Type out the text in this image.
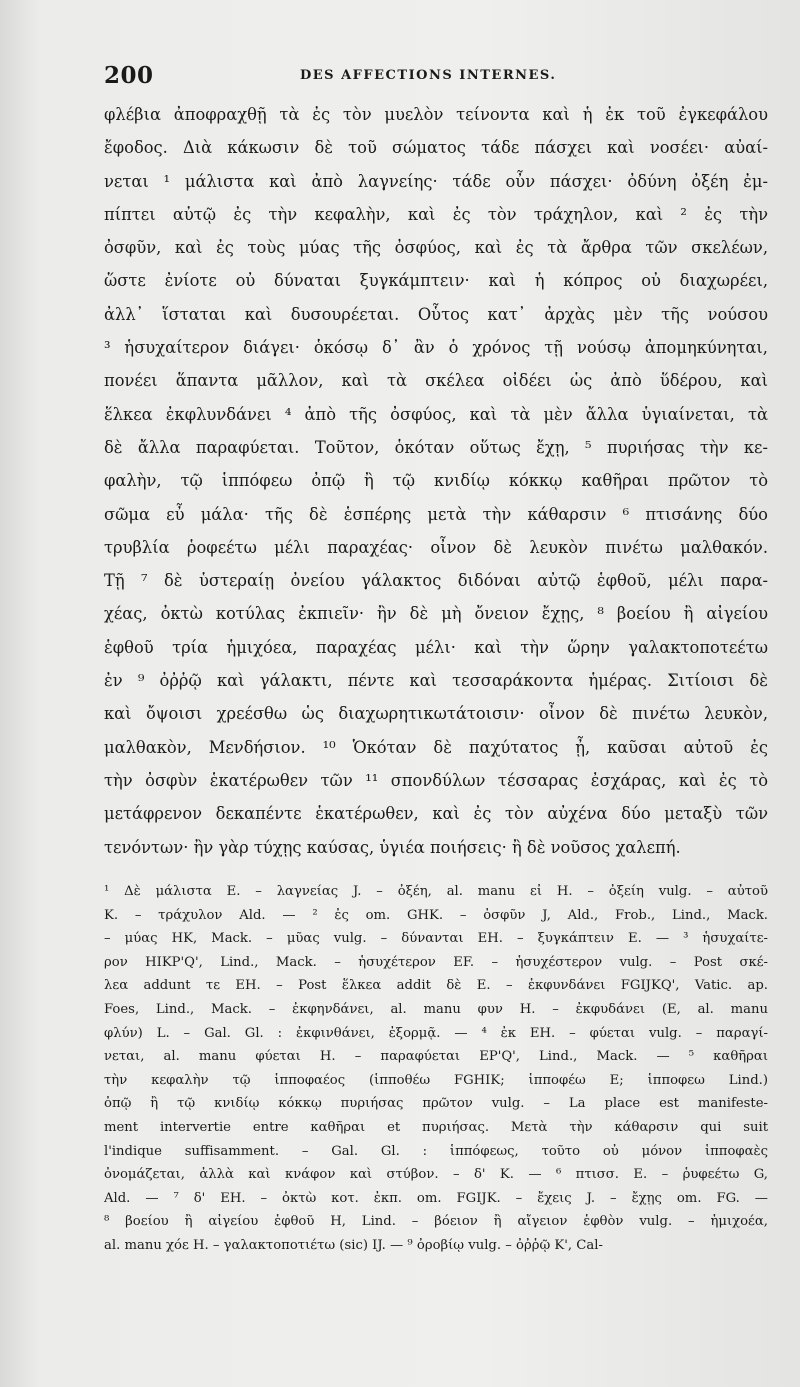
200	DES AFFECTIONS INTERNES.
φλέβια ἀποφραχθῇ τὰ ἐς τὸν μυελὸν τείνοντα καὶ ἡ ἐκ τοῦ ἐγκεφάλου
ἔφοδος. Διὰ κάκωσιν δὲ τοῦ σώματος τάδε πάσχει καὶ νοσέει· αὐαί-
νεται ¹ μάλιστα καὶ ἀπὸ λαγνείης· τάδε οὖν πάσχει· ὀδύνη ὀξέη ἐμ-
πίπτει αὐτῷ ἐς τὴν κεφαλὴν, καὶ ἐς τὸν τράχηλον, καὶ ² ἐς τὴν
ὀσφῦν, καὶ ἐς τοὺς μύας τῆς ὀσφύος, καὶ ἐς τὰ ἄρθρα τῶν σκελέων,
ὥστε ἐνίοτε οὐ δύναται ξυγκάμπτειν· καὶ ἡ κόπρος οὐ διαχωρέει,
ἀλλ᾽ ἵσταται καὶ δυσουρέεται. Οὗτος κατ᾽ ἀρχὰς μὲν τῆς νούσου
³ ἡσυχαίτερον διάγει· ὁκόσῳ δ᾽ ἂν ὁ χρόνος τῇ νούσῳ ἀπομηκύνηται,
πονέει ἅπαντα μᾶλλον, καὶ τὰ σκέλεα οἰδέει ὡς ἀπὸ ὕδέρου, καὶ
ἕλκεα ἐκφλυνδάνει ⁴ ἀπὸ τῆς ὀσφύος, καὶ τὰ μὲν ἄλλα ὑγιαίνεται, τὰ
δὲ ἄλλα παραφύεται. Τοῦτον, ὁκόταν οὕτως ἔχῃ, ⁵ πυριήσας τὴν κε-
φαλὴν, τῷ ἱππόφεω ὀπῷ ἢ τῷ κνιδίῳ κόκκῳ καθῆραι πρῶτον τὸ
σῶμα εὖ μάλα· τῆς δὲ ἑσπέρης μετὰ τὴν κάθαρσιν ⁶ πτισάνης δύο
τρυβλία ῥοφεέτω μέλι παραχέας· οἶνον δὲ λευκὸν πινέτω μαλθακόν.
Τῇ ⁷ δὲ ὑστεραίῃ ὀνείου γάλακτος διδόναι αὐτῷ ἑφθοῦ, μέλι παρα-
χέας, ὀκτὼ κοτύλας ἐκπιεῖν· ἢν δὲ μὴ ὄνειον ἔχῃς, ⁸ βοείου ἢ αἰγείου
ἑφθοῦ τρία ἡμιχόεα, παραχέας μέλι· καὶ τὴν ὥρην γαλακτοποτεέτω
ἐν ⁹ ὀῤῥῷ καὶ γάλακτι, πέντε καὶ τεσσαράκοντα ἡμέρας. Σιτίοισι δὲ
καὶ ὄψοισι χρεέσθω ὡς διαχωρητικωτάτοισιν· οἶνον δὲ πινέτω λευκὸν,
μαλθακὸν, Μενδήσιον. ¹⁰ Ὁκόταν δὲ παχύτατος ᾖ, καῦσαι αὐτοῦ ἐς
τὴν ὀσφὺν ἑκατέρωθεν τῶν ¹¹ σπονδύλων τέσσαρας ἐσχάρας, καὶ ἐς τὸ
μετάφρενον δεκαπέντε ἑκατέρωθεν, καὶ ἐς τὸν αὐχένα δύο μεταξὺ τῶν
τενόντων· ἢν γὰρ τύχῃς καύσας, ὑγιέα ποιήσεις· ἢ δὲ νοῦσος χαλεπή.
¹ Δὲ μάλιστα E. – λαγνείας J. – ὀξέη, al. manu εἰ H. – ὀξείη vulg. – αὐτοῦ
K. – τράχυλον Ald. — ² ἐς om. GHK. – ὀσφῦν J, Ald., Frob., Lind., Mack.
– μύας HK, Mack. – μῦας vulg. – δύνανται EH. – ξυγκάπτειν E. — ³ ἡσυχαίτε-
ρον HIKP'Q', Lind., Mack. – ἡσυχέτερον EF. – ἡσυχέστερον vulg. – Post σκέ-
λεα addunt τε EH. – Post ἕλκεα addit δὲ E. – ἐκφυνδάνει FGIJKQ', Vatic. ap.
Foes, Lind., Mack. – ἐκφηνδάνει, al. manu φυν H. – ἐκφυδάνει (E, al. manu
φλύν) L. – Gal. Gl. : ἐκφινθάνει, ἐξορμᾷ. — ⁴ ἐκ EH. – φύεται vulg. – παραγί-
νεται, al. manu φύεται H. – παραφύεται EP'Q', Lind., Mack. — ⁵ καθῆραι
τὴν κεφαλὴν τῷ ἱπποφαέος (ἱπποθέω FGHIK; ἱπποφέω E; ἱπποφεω Lind.)
ὀπῷ ἢ τῷ κνιδίῳ κόκκῳ πυριήσας πρῶτον vulg. – La place est manifeste-
ment intervertie entre καθῆραι et πυριήσας. Μετὰ τὴν κάθαρσιν qui suit
l'indique suffisamment. – Gal. Gl. : ἱππόφεως, τοῦτο οὐ μόνον ἱπποφαὲς
ὀνομάζεται, ἀλλὰ καὶ κνάφον καὶ στύβον. – δ' K. — ⁶ πτισσ. E. – ῥυφεέτω G,
Ald. — ⁷ δ' EH. – ὀκτὼ κοτ. ἐκπ. om. FGIJK. – ἔχεις J. – ἔχῃς om. FG. —
⁸ βοείου ἢ αἰγείου ἑφθοῦ H, Lind. – βόειον ἢ αἴγειον ἑφθὸν vulg. – ἡμιχοέα,
al. manu χόε H. – γαλακτοποτιέτω (sic) IJ. — ⁹ ὀροβίῳ vulg. – ὀῤῥῷ K', Cal-
